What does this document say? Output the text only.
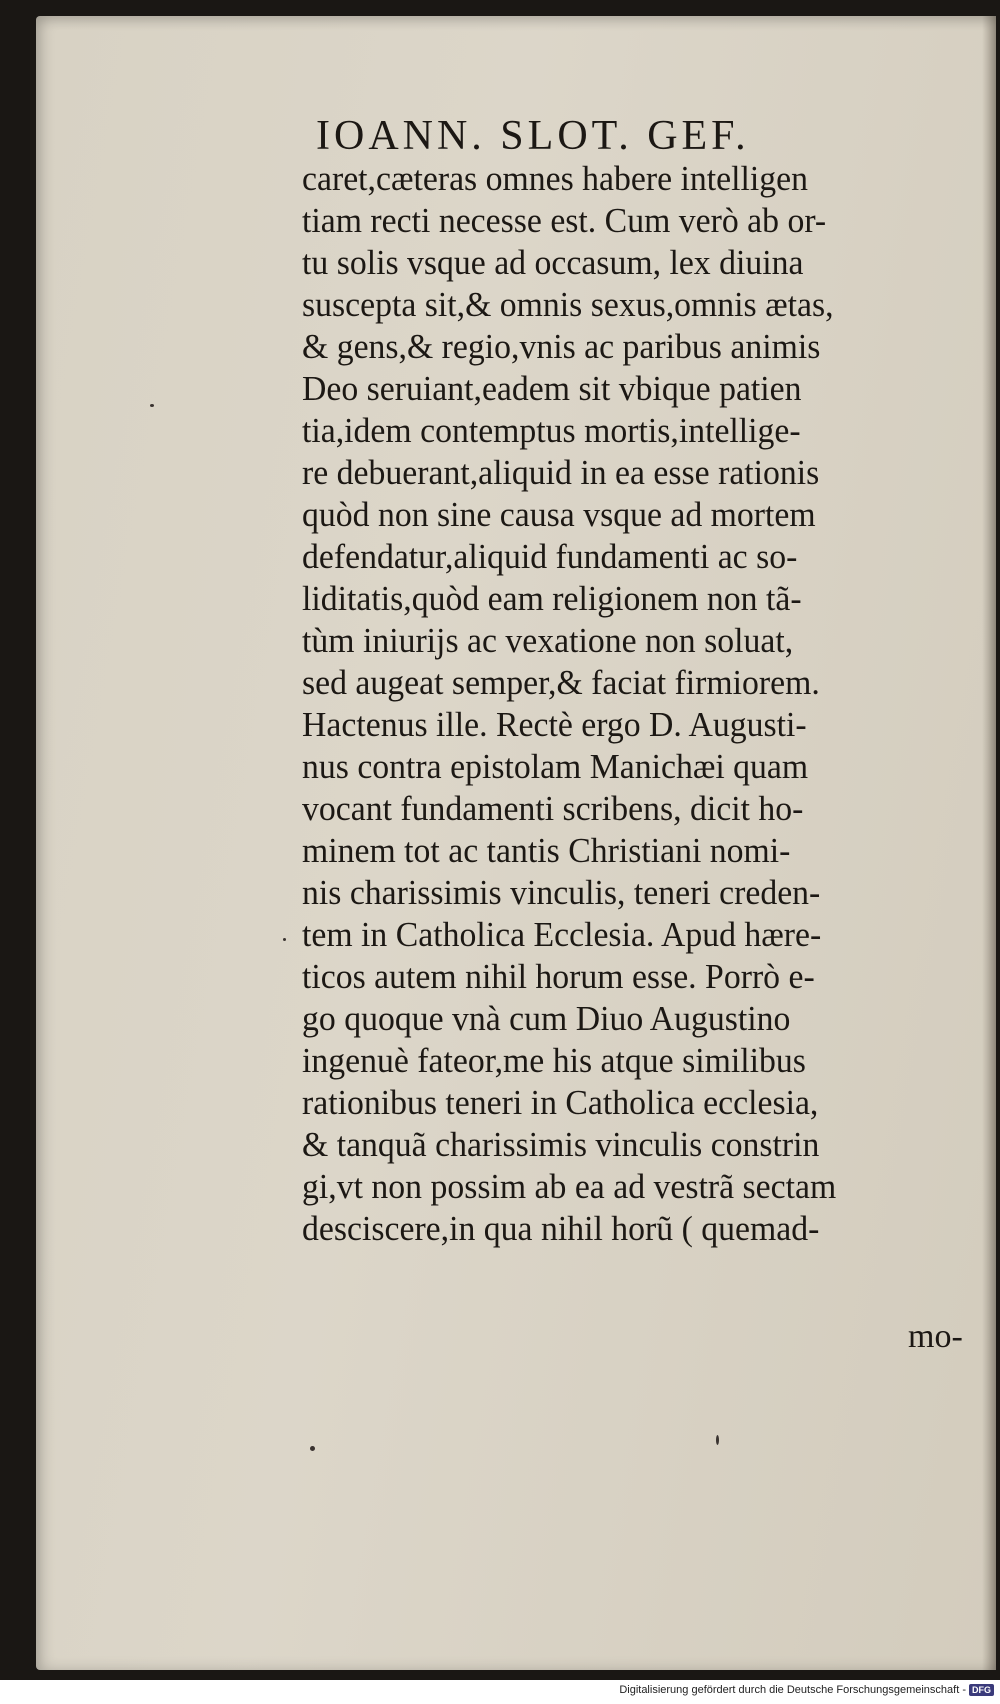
IOANN. SLOT. GEF.
caret,cæteras omnes habere intelligen
tiam recti necesse est. Cum verò ab or-
tu solis vsque ad occasum, lex diuina
suscepta sit,& omnis sexus,omnis ætas,
& gens,& regio,vnis ac paribus animis
Deo seruiant,eadem sit vbique patien
tia,idem contemptus mortis,intellige-
re debuerant,aliquid in ea esse rationis
quòd non sine causa vsque ad mortem
defendatur,aliquid fundamenti ac so-
liditatis,quòd eam religionem non tã-
tùm iniurijs ac vexatione non soluat,
sed augeat semper,& faciat firmiorem.
Hactenus ille. Rectè ergo D. Augusti-
nus contra epistolam Manichæi quam
vocant fundamenti scribens, dicit ho-
minem tot ac tantis Christiani nomi-
nis charissimis vinculis, teneri creden-
tem in Catholica Ecclesia. Apud hære-
ticos autem nihil horum esse. Porrò e-
go quoque vnà cum Diuo Augustino
ingenuè fateor,me his atque similibus
rationibus teneri in Catholica ecclesia,
& tanquã charissimis vinculis constrin
gi,vt non possim ab ea ad vestrã sectam
desciscere,in qua nihil horũ ( quemad-
mo-
Digitalisierung gefördert durch die Deutsche Forschungsgemeinschaft - DFG
